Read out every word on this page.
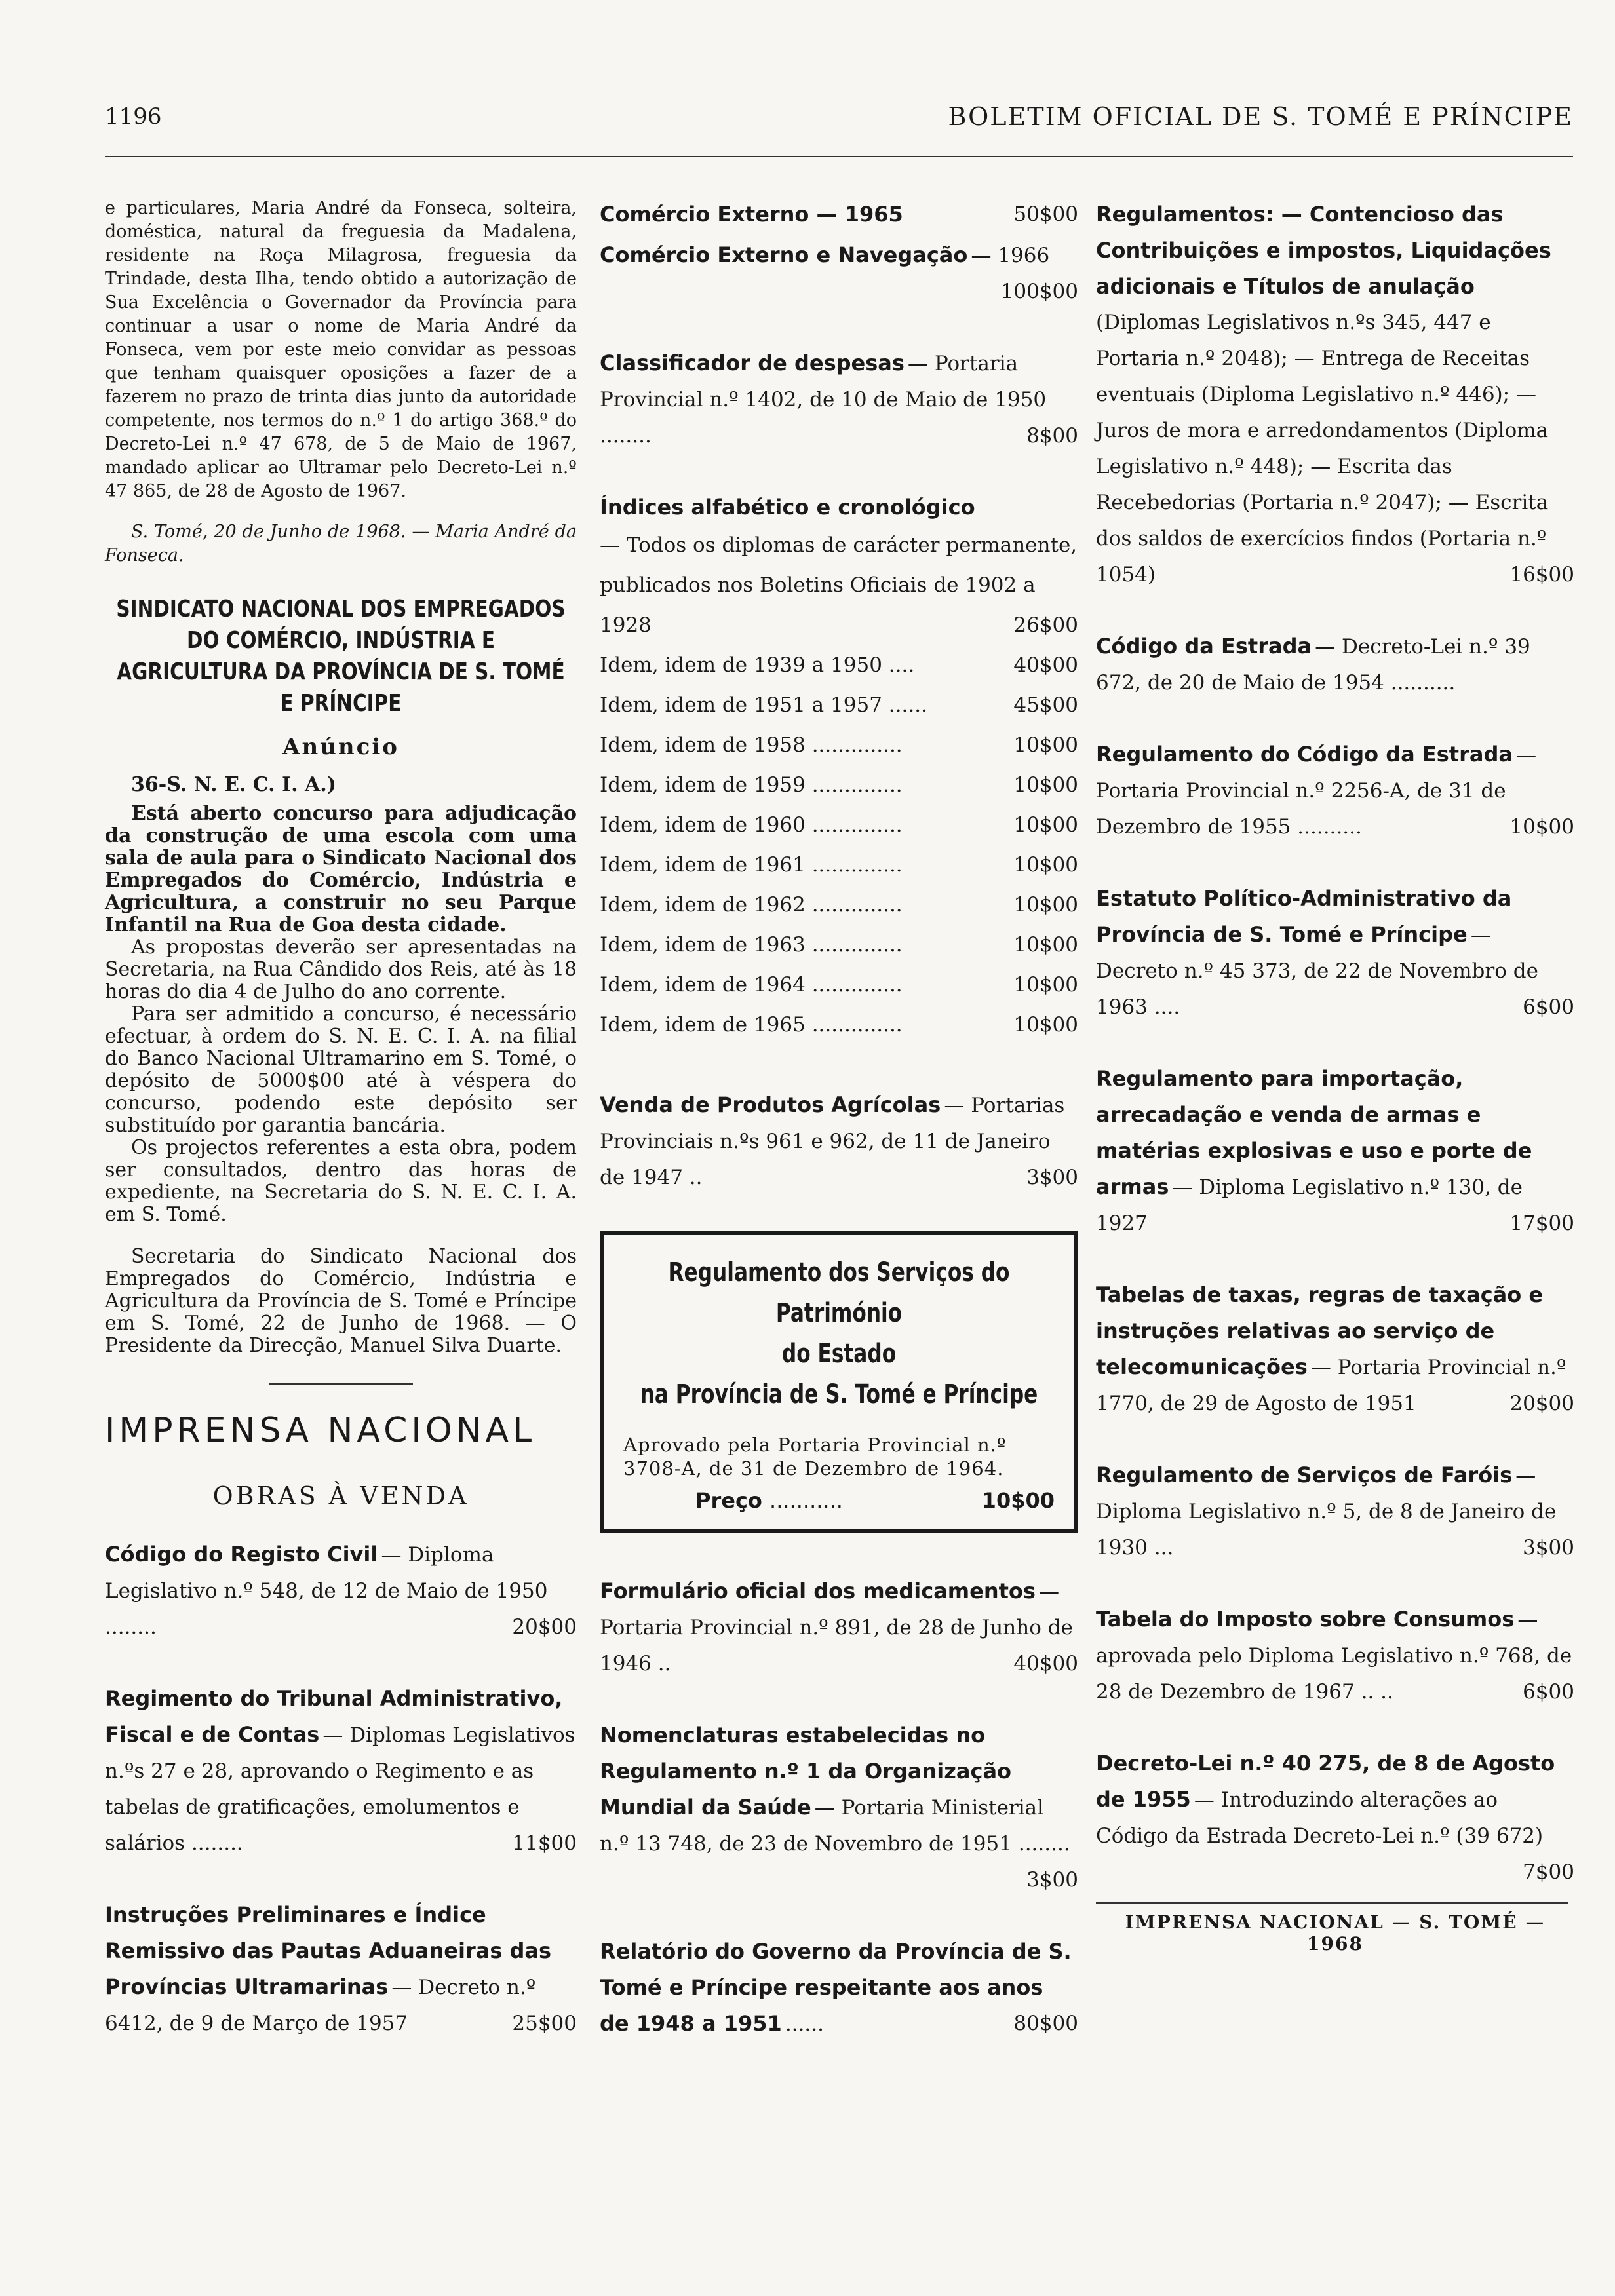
1196	BOLETIM OFICIAL DE S. TOMÉ E PRÍNCIPE

e particulares, Maria André da Fonseca, solteira, doméstica, natural da freguesia da Madalena, residente na Roça Milagrosa, freguesia da Trindade, desta Ilha, tendo obtido a autorização de Sua Excelência o Governador da Província para continuar a usar o nome de Maria André da Fonseca, vem por este meio convidar as pessoas que tenham quaisquer oposições a fazer de a fazerem no prazo de trinta dias junto da autoridade competente, nos termos do n.º 1 do artigo 368.º do Decreto-Lei n.º 47 678, de 5 de Maio de 1967, mandado aplicar ao Ultramar pelo Decreto-Lei n.º 47 865, de 28 de Agosto de 1967.

S. Tomé, 20 de Junho de 1968. — Maria André da Fonseca.

SINDICATO NACIONAL DOS EMPREGADOS DO COMÉRCIO, INDÚSTRIA E AGRICULTURA DA PROVÍNCIA DE S. TOMÉ E PRÍNCIPE
Anúncio
36-S. N. E. C. I. A.)

Está aberto concurso para adjudicação da construção de uma escola com uma sala de aula para o Sindicato Nacional dos Empregados do Comércio, Indústria e Agricultura, a construir no seu Parque Infantil na Rua de Goa desta cidade.

As propostas deverão ser apresentadas na Secretaria, na Rua Cândido dos Reis, até às 18 horas do dia 4 de Julho do ano corrente.

Para ser admitido a concurso, é necessário efectuar, à ordem do S. N. E. C. I. A. na filial do Banco Nacional Ultramarino em S. Tomé, o depósito de 5000$00 até à véspera do concurso, podendo este depósito ser substituído por garantia bancária.

Os projectos referentes a esta obra, podem ser consultados, dentro das horas de expediente, na Secretaria do S. N. E. C. I. A. em S. Tomé.

Secretaria do Sindicato Nacional dos Empregados do Comércio, Indústria e Agricultura da Província de S. Tomé e Príncipe em S. Tomé, 22 de Junho de 1968. — O Presidente da Direcção, Manuel Silva Duarte.

IMPRENSA NACIONAL
OBRAS À VENDA
Código do Registo Civil — Diploma Legislativo n.º 548, de 12 de Maio de 1950 ........	20$00
Regimento do Tribunal Administrativo, Fiscal e de Contas — Diplomas Legislativos n.ºs 27 e 28, aprovando o Regimento e as tabelas de gratificações, emolumentos e salários ........	11$00
Instruções Preliminares e Índice Remissivo das Pautas Aduaneiras das Províncias Ultramarinas — Decreto n.º 6412, de 9 de Março de 1957	25$00
Comércio Externo — 1965	50$00
Comércio Externo e Navegação — 1966
100$00
Classificador de despesas — Portaria Provincial n.º 1402, de 10 de Maio de 1950 ........	8$00
Índices alfabético e cronológico
— Todos os diplomas de carácter permanente, publicados nos Boletins Oficiais de 1902 a 1928	26$00
Idem, idem de 1939 a 1950 ....	40$00
Idem, idem de 1951 a 1957 ......	45$00
Idem, idem de 1958 ..............	10$00
Idem, idem de 1959 ..............	10$00
Idem, idem de 1960 ..............	10$00
Idem, idem de 1961 ..............	10$00
Idem, idem de 1962 ..............	10$00
Idem, idem de 1963 ..............	10$00
Idem, idem de 1964 ..............	10$00
Idem, idem de 1965 ..............	10$00
Venda de Produtos Agrícolas — Portarias Provinciais n.ºs 961 e 962, de 11 de Janeiro de 1947 ..	3$00
Regulamento dos Serviços do Património
do Estado
na Província de S. Tomé e Príncipe
Aprovado pela Portaria Provincial n.º 3708-A, de 31 de Dezembro de 1964.
Preço ...........	10$00
Formulário oficial dos medicamentos — Portaria Provincial n.º 891, de 28 de Junho de 1946 ..	40$00
Nomenclaturas estabelecidas no Regulamento n.º 1 da Organização Mundial da Saúde — Portaria Ministerial n.º 13 748, de 23 de Novembro de 1951 ........
3$00
Relatório do Governo da Província de S. Tomé e Príncipe respeitante aos anos de 1948 a 1951 ......	80$00
Regulamentos: — Contencioso das Contribuições e impostos, Liquidações adicionais e Títulos de anulação (Diplomas Legislativos n.ºs 345, 447 e Portaria n.º 2048); — Entrega de Receitas eventuais (Diploma Legislativo n.º 446); — Juros de mora e arredondamentos (Diploma Legislativo n.º 448); — Escrita das Recebedorias (Portaria n.º 2047); — Escrita dos saldos de exercícios findos (Portaria n.º 1054)	16$00
Código da Estrada — Decreto-Lei n.º 39 672, de 20 de Maio de 1954 ..........
Regulamento do Código da Estrada — Portaria Provincial n.º 2256-A, de 31 de Dezembro de 1955 ..........	10$00
Estatuto Político-Administrativo da Província de S. Tomé e Príncipe — Decreto n.º 45 373, de 22 de Novembro de 1963 ....	6$00
Regulamento para importação, arrecadação e venda de armas e matérias explosivas e uso e porte de armas — Diploma Legislativo n.º 130, de 1927	17$00
Tabelas de taxas, regras de taxação e instruções relativas ao serviço de telecomunicações — Portaria Provincial n.º 1770, de 29 de Agosto de 1951	20$00
Regulamento de Serviços de Faróis — Diploma Legislativo n.º 5, de 8 de Janeiro de 1930 ...	3$00
Tabela do Imposto sobre Consumos — aprovada pelo Diploma Legislativo n.º 768, de 28 de Dezembro de 1967 .. ..	6$00
Decreto-Lei n.º 40 275, de 8 de Agosto de 1955 — Introduzindo alterações ao Código da Estrada Decreto-Lei n.º (39 672)
7$00
IMPRENSA NACIONAL — S. TOMÉ — 1968
